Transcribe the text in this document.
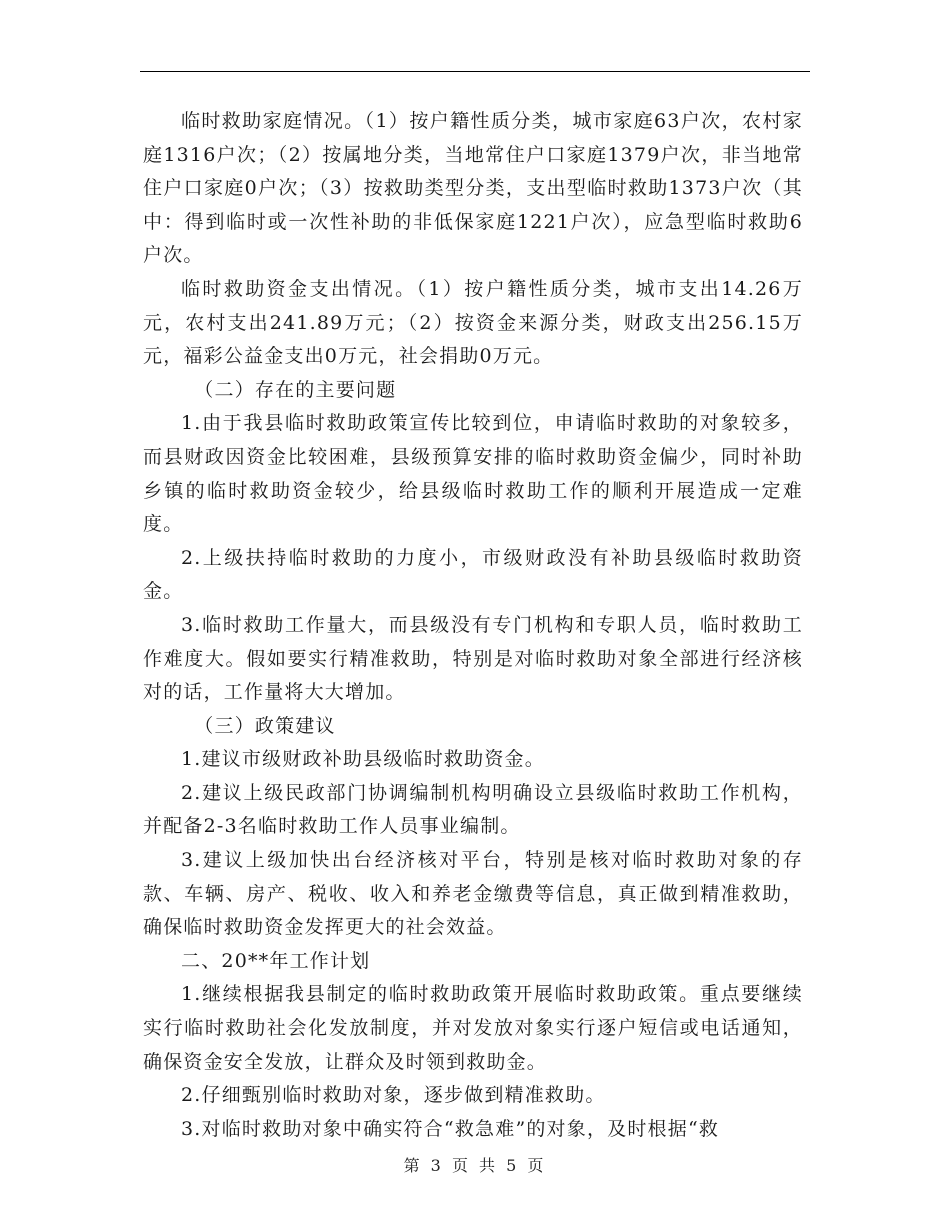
临时救助家庭情况。（1）按户籍性质分类，城市家庭63户次，农村家庭1316户次；（2）按属地分类，当地常住户口家庭1379户次，非当地常住户口家庭0户次；（3）按救助类型分类，支出型临时救助1373户次（其中：得到临时或一次性补助的非低保家庭1221户次），应急型临时救助6户次。

临时救助资金支出情况。（1）按户籍性质分类，城市支出14.26万元，农村支出241.89万元；（2）按资金来源分类，财政支出256.15万元，福彩公益金支出0万元，社会捐助0万元。

（二）存在的主要问题

1.由于我县临时救助政策宣传比较到位，申请临时救助的对象较多，而县财政因资金比较困难，县级预算安排的临时救助资金偏少，同时补助乡镇的临时救助资金较少，给县级临时救助工作的顺利开展造成一定难度。

2.上级扶持临时救助的力度小，市级财政没有补助县级临时救助资金。

3.临时救助工作量大，而县级没有专门机构和专职人员，临时救助工作难度大。假如要实行精准救助，特别是对临时救助对象全部进行经济核对的话，工作量将大大增加。

（三）政策建议

1.建议市级财政补助县级临时救助资金。

2.建议上级民政部门协调编制机构明确设立县级临时救助工作机构，并配备2-3名临时救助工作人员事业编制。

3.建议上级加快出台经济核对平台，特别是核对临时救助对象的存款、车辆、房产、税收、收入和养老金缴费等信息，真正做到精准救助，确保临时救助资金发挥更大的社会效益。

二、20**年工作计划

1.继续根据我县制定的临时救助政策开展临时救助政策。重点要继续实行临时救助社会化发放制度，并对发放对象实行逐户短信或电话通知，确保资金安全发放，让群众及时领到救助金。

2.仔细甄别临时救助对象，逐步做到精准救助。

3.对临时救助对象中确实符合“救急难”的对象，及时根据“救

第 3 页 共 5 页
